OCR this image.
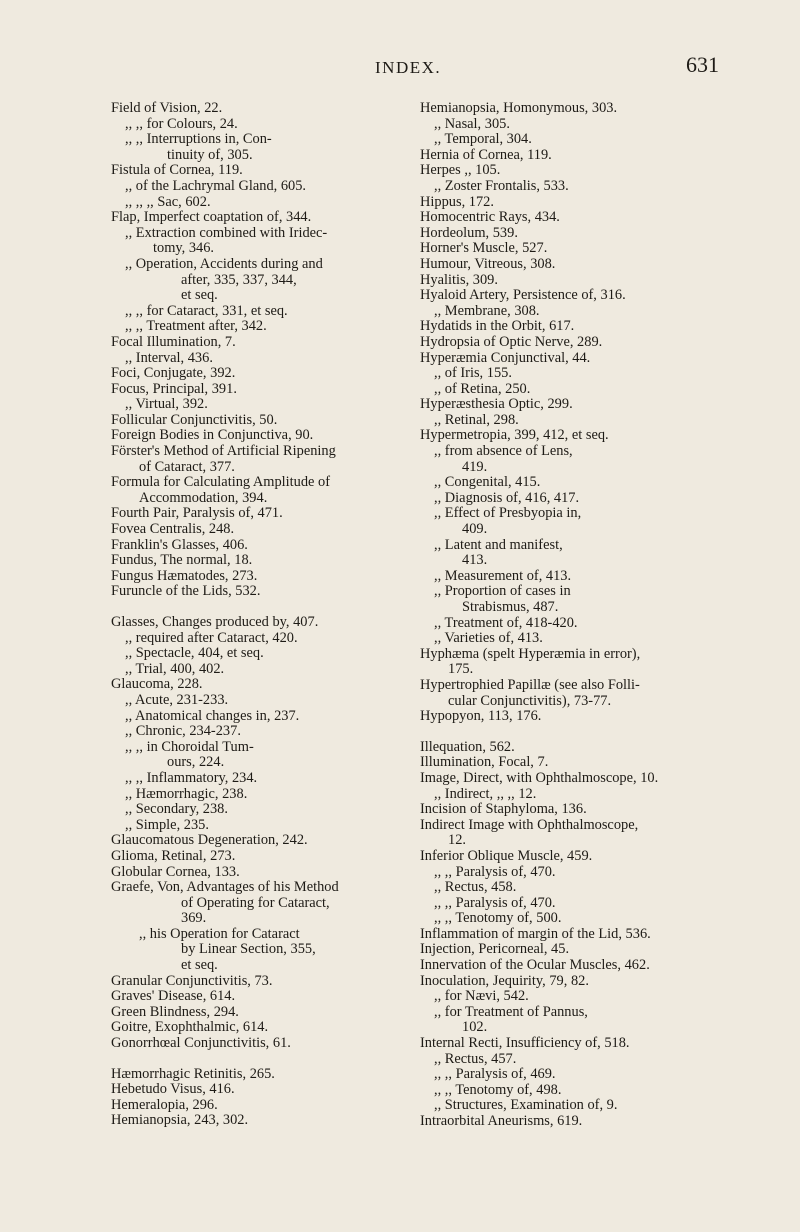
INDEX.	631
Field of Vision, 22.
,, ,, for Colours, 24.
,, ,, Interruptions in, Con-
tinuity of, 305.
Fistula of Cornea, 119.
,, of the Lachrymal Gland, 605.
,, ,, ,, Sac, 602.
Flap, Imperfect coaptation of, 344.
,, Extraction combined with Iridec-
tomy, 346.
,, Operation, Accidents during and
after, 335, 337, 344,
et seq.
,, ,, for Cataract, 331, et seq.
,, ,, Treatment after, 342.
Focal Illumination, 7.
,, Interval, 436.
Foci, Conjugate, 392.
Focus, Principal, 391.
,, Virtual, 392.
Follicular Conjunctivitis, 50.
Foreign Bodies in Conjunctiva, 90.
Förster's Method of Artificial Ripening
of Cataract, 377.
Formula for Calculating Amplitude of
Accommodation, 394.
Fourth Pair, Paralysis of, 471.
Fovea Centralis, 248.
Franklin's Glasses, 406.
Fundus, The normal, 18.
Fungus Hæmatodes, 273.
Furuncle of the Lids, 532.
Glasses, Changes produced by, 407.
,, required after Cataract, 420.
,, Spectacle, 404, et seq.
,, Trial, 400, 402.
Glaucoma, 228.
,, Acute, 231-233.
,, Anatomical changes in, 237.
,, Chronic, 234-237.
,, ,, in Choroidal Tum-
ours, 224.
,, ,, Inflammatory, 234.
,, Hæmorrhagic, 238.
,, Secondary, 238.
,, Simple, 235.
Glaucomatous Degeneration, 242.
Glioma, Retinal, 273.
Globular Cornea, 133.
Graefe, Von, Advantages of his Method
of Operating for Cataract,
369.
,, his Operation for Cataract
by Linear Section, 355,
et seq.
Granular Conjunctivitis, 73.
Graves' Disease, 614.
Green Blindness, 294.
Goitre, Exophthalmic, 614.
Gonorrhœal Conjunctivitis, 61.
Hæmorrhagic Retinitis, 265.
Hebetudo Visus, 416.
Hemeralopia, 296.
Hemianopsia, 243, 302.
Hemianopsia, Homonymous, 303.
,, Nasal, 305.
,, Temporal, 304.
Hernia of Cornea, 119.
Herpes ,, 105.
,, Zoster Frontalis, 533.
Hippus, 172.
Homocentric Rays, 434.
Hordeolum, 539.
Horner's Muscle, 527.
Humour, Vitreous, 308.
Hyalitis, 309.
Hyaloid Artery, Persistence of, 316.
,, Membrane, 308.
Hydatids in the Orbit, 617.
Hydropsia of Optic Nerve, 289.
Hyperæmia Conjunctival, 44.
,, of Iris, 155.
,, of Retina, 250.
Hyperæsthesia Optic, 299.
,, Retinal, 298.
Hypermetropia, 399, 412, et seq.
,, from absence of Lens,
419.
,, Congenital, 415.
,, Diagnosis of, 416, 417.
,, Effect of Presbyopia in,
409.
,, Latent and manifest,
413.
,, Measurement of, 413.
,, Proportion of cases in
Strabismus, 487.
,, Treatment of, 418-420.
,, Varieties of, 413.
Hyphæma (spelt Hyperæmia in error),
175.
Hypertrophied Papillæ (see also Folli-
cular Conjunctivitis), 73-77.
Hypopyon, 113, 176.
Illequation, 562.
Illumination, Focal, 7.
Image, Direct, with Ophthalmoscope, 10.
,, Indirect, ,, ,, 12.
Incision of Staphyloma, 136.
Indirect Image with Ophthalmoscope,
12.
Inferior Oblique Muscle, 459.
,, ,, Paralysis of, 470.
,, Rectus, 458.
,, ,, Paralysis of, 470.
,, ,, Tenotomy of, 500.
Inflammation of margin of the Lid, 536.
Injection, Pericorneal, 45.
Innervation of the Ocular Muscles, 462.
Inoculation, Jequirity, 79, 82.
,, for Nævi, 542.
,, for Treatment of Pannus,
102.
Internal Recti, Insufficiency of, 518.
,, Rectus, 457.
,, ,, Paralysis of, 469.
,, ,, Tenotomy of, 498.
,, Structures, Examination of, 9.
Intraorbital Aneurisms, 619.
